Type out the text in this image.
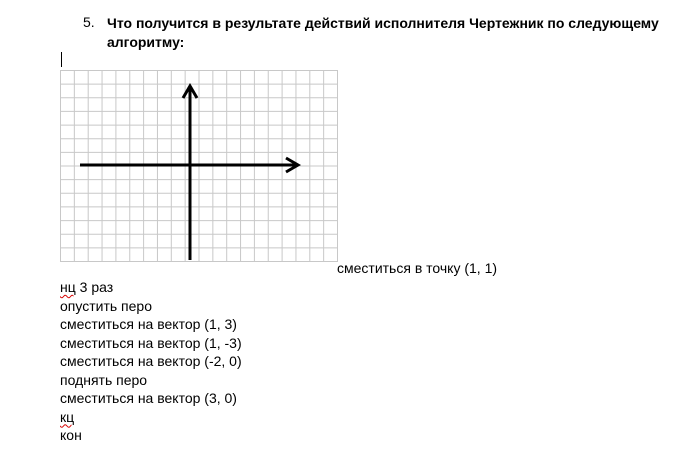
5. Что получится в результате действий исполнителя Чертежник по следующему алгоритму:
сместиться в точку (1, 1)
нц 3 раз
опустить перо
сместиться на вектор (1, 3)
сместиться на вектор (1, -3)
сместиться на вектор (-2, 0)
поднять перо
сместиться на вектор (3, 0)
кц
кон
